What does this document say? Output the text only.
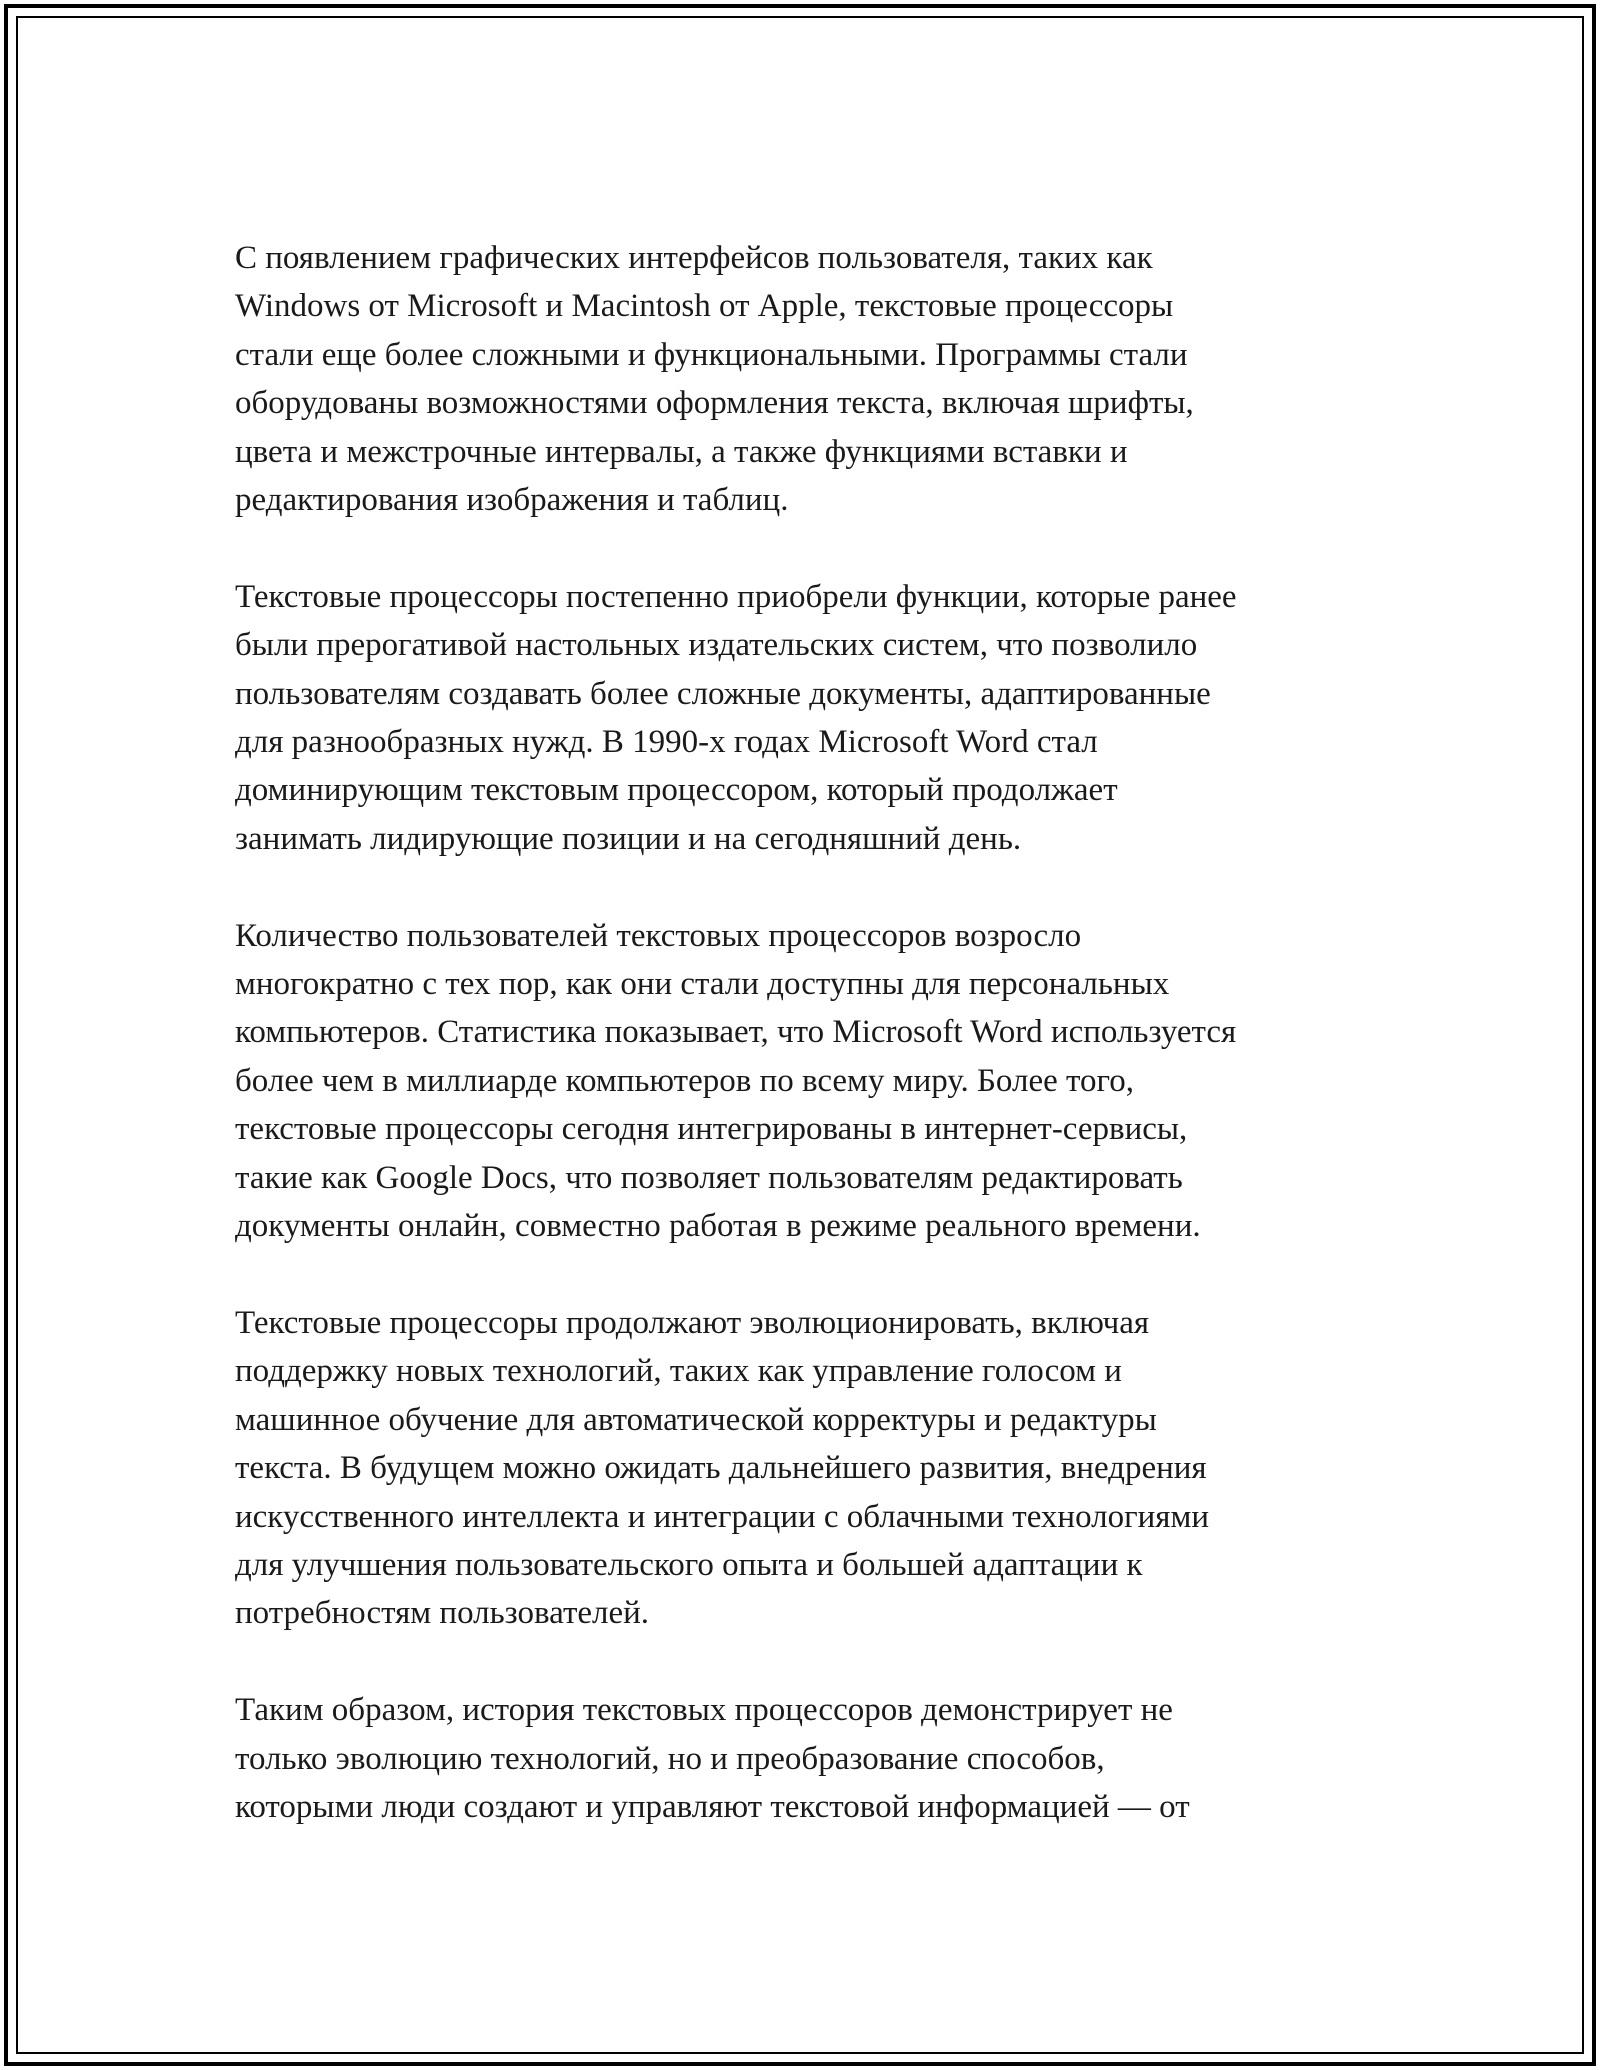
С появлением графических интерфейсов пользователя, таких как
Windows от Microsoft и Macintosh от Apple, текстовые процессоры
стали еще более сложными и функциональными. Программы стали
оборудованы возможностями оформления текста, включая шрифты,
цвета и межстрочные интервалы, а также функциями вставки и
редактирования изображения и таблиц.

Текстовые процессоры постепенно приобрели функции, которые ранее
были прерогативой настольных издательских систем, что позволило
пользователям создавать более сложные документы, адаптированные
для разнообразных нужд. В 1990-х годах Microsoft Word стал
доминирующим текстовым процессором, который продолжает
занимать лидирующие позиции и на сегодняшний день.

Количество пользователей текстовых процессоров возросло
многократно с тех пор, как они стали доступны для персональных
компьютеров. Статистика показывает, что Microsoft Word используется
более чем в миллиарде компьютеров по всему миру. Более того,
текстовые процессоры сегодня интегрированы в интернет-сервисы,
такие как Google Docs, что позволяет пользователям редактировать
документы онлайн, совместно работая в режиме реального времени.

Текстовые процессоры продолжают эволюционировать, включая
поддержку новых технологий, таких как управление голосом и
машинное обучение для автоматической корректуры и редактуры
текста. В будущем можно ожидать дальнейшего развития, внедрения
искусственного интеллекта и интеграции с облачными технологиями
для улучшения пользовательского опыта и большей адаптации к
потребностям пользователей.

Таким образом, история текстовых процессоров демонстрирует не
только эволюцию технологий, но и преобразование способов,
которыми люди создают и управляют текстовой информацией — от
